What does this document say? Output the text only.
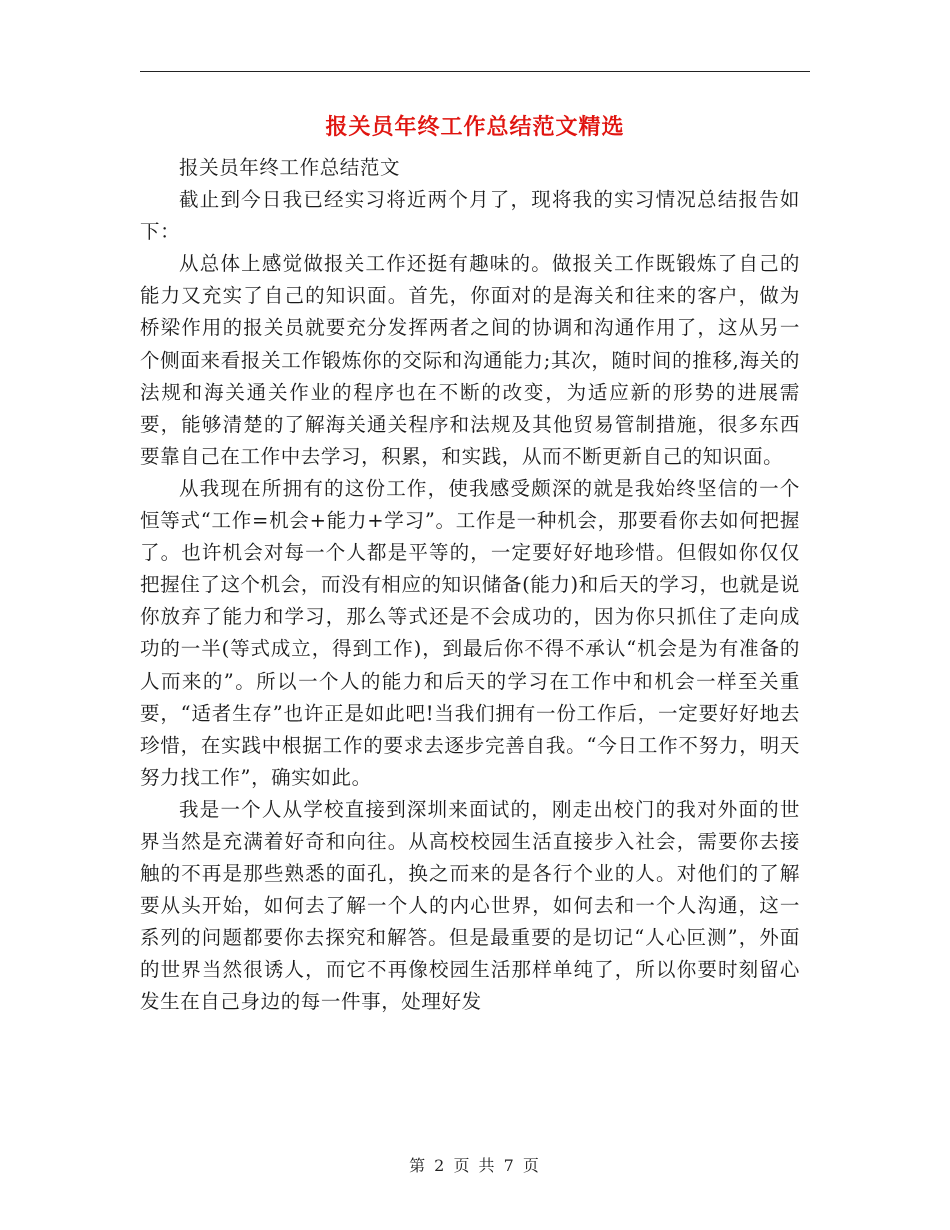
报关员年终工作总结范文精选

报关员年终工作总结范文

截止到今日我已经实习将近两个月了，现将我的实习情况总结报告如下：

从总体上感觉做报关工作还挺有趣味的。做报关工作既锻炼了自己的能力又充实了自己的知识面。首先，你面对的是海关和往来的客户，做为桥梁作用的报关员就要充分发挥两者之间的协调和沟通作用了，这从另一个侧面来看报关工作锻炼你的交际和沟通能力;其次，随时间的推移,海关的法规和海关通关作业的程序也在不断的改变，为适应新的形势的进展需要，能够清楚的了解海关通关程序和法规及其他贸易管制措施，很多东西要靠自己在工作中去学习，积累，和实践，从而不断更新自己的知识面。

从我现在所拥有的这份工作，使我感受颇深的就是我始终坚信的一个恒等式“工作=机会+能力+学习”。工作是一种机会，那要看你去如何把握了。也许机会对每一个人都是平等的，一定要好好地珍惜。但假如你仅仅把握住了这个机会，而没有相应的知识储备(能力)和后天的学习，也就是说你放弃了能力和学习，那么等式还是不会成功的，因为你只抓住了走向成功的一半(等式成立，得到工作)，到最后你不得不承认“机会是为有准备的人而来的”。所以一个人的能力和后天的学习在工作中和机会一样至关重要，“适者生存”也许正是如此吧!当我们拥有一份工作后，一定要好好地去珍惜，在实践中根据工作的要求去逐步完善自我。“今日工作不努力，明天努力找工作”，确实如此。

我是一个人从学校直接到深圳来面试的，刚走出校门的我对外面的世界当然是充满着好奇和向往。从高校校园生活直接步入社会，需要你去接触的不再是那些熟悉的面孔，换之而来的是各行个业的人。对他们的了解要从头开始，如何去了解一个人的内心世界，如何去和一个人沟通，这一系列的问题都要你去探究和解答。但是最重要的是切记“人心叵测”，外面的世界当然很诱人，而它不再像校园生活那样单纯了，所以你要时刻留心发生在自己身边的每一件事，处理好发

第 2 页 共 7 页
